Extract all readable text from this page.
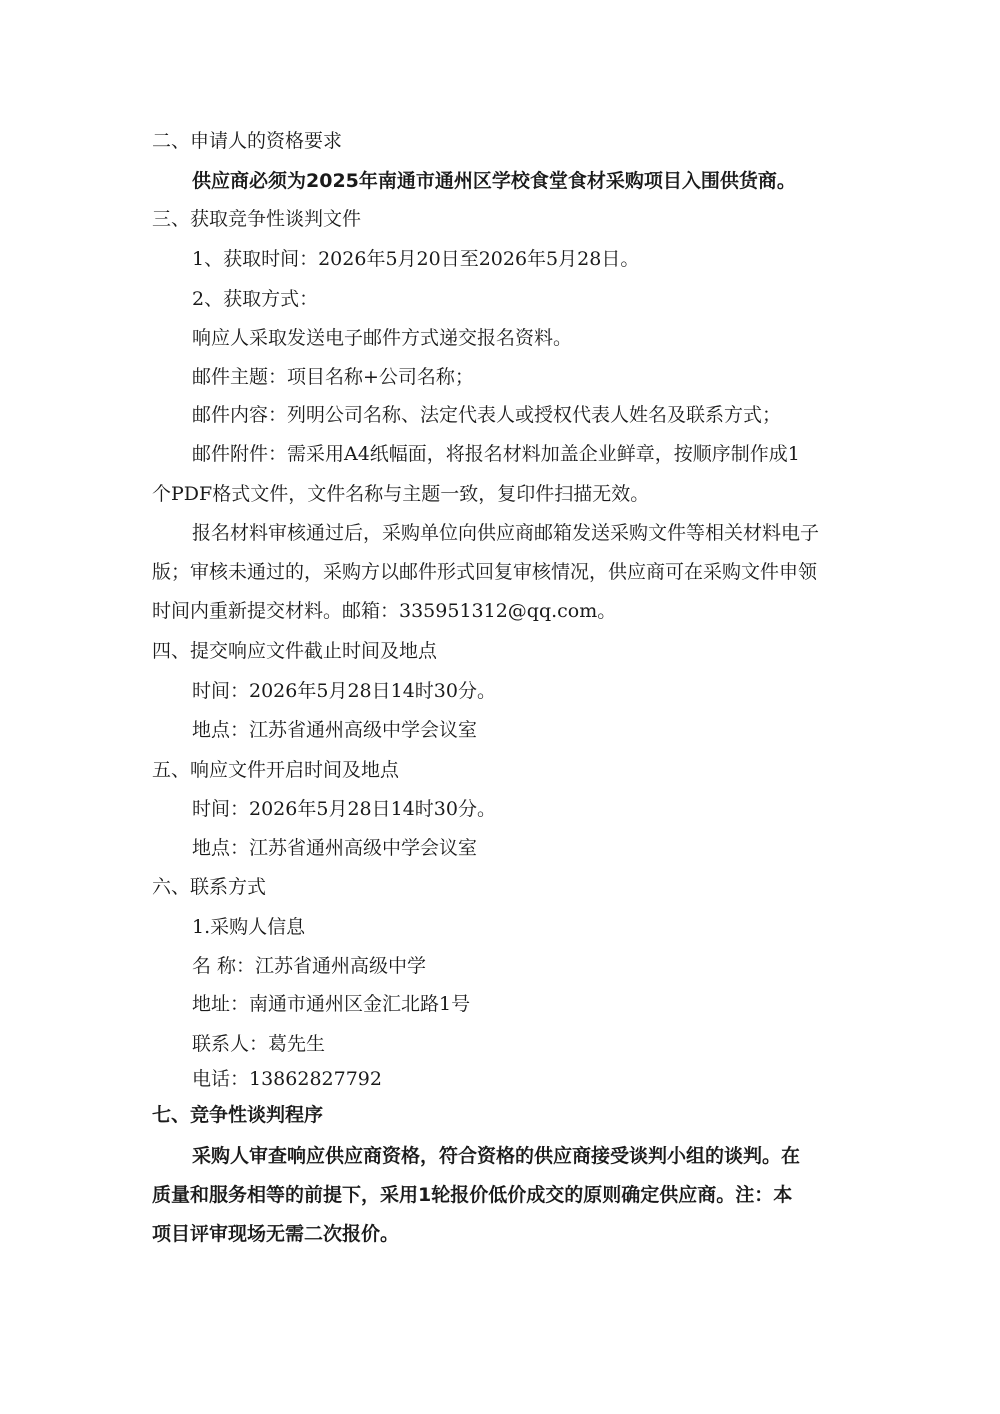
二、申请人的资格要求
供应商必须为2025年南通市通州区学校食堂食材采购项目入围供货商。
三、获取竞争性谈判文件
1、获取时间：2026年5月20日至2026年5月28日。
2、获取方式：
响应人采取发送电子邮件方式递交报名资料。
邮件主题：项目名称+公司名称；
邮件内容：列明公司名称、法定代表人或授权代表人姓名及联系方式；
邮件附件：需采用A4纸幅面，将报名材料加盖企业鲜章，按顺序制作成1
个PDF格式文件，文件名称与主题一致，复印件扫描无效。
报名材料审核通过后，采购单位向供应商邮箱发送采购文件等相关材料电子
版；审核未通过的，采购方以邮件形式回复审核情况，供应商可在采购文件申领
时间内重新提交材料。邮箱：335951312@qq.com。
四、提交响应文件截止时间及地点
时间：2026年5月28日14时30分。
地点：江苏省通州高级中学会议室
五、响应文件开启时间及地点
时间：2026年5月28日14时30分。
地点：江苏省通州高级中学会议室
六、联系方式
1.采购人信息
名 称：江苏省通州高级中学
地址：南通市通州区金汇北路1号
联系人：葛先生
电话：13862827792
七、竞争性谈判程序
采购人审查响应供应商资格，符合资格的供应商接受谈判小组的谈判。在
质量和服务相等的前提下，采用1轮报价低价成交的原则确定供应商。注：本
项目评审现场无需二次报价。
